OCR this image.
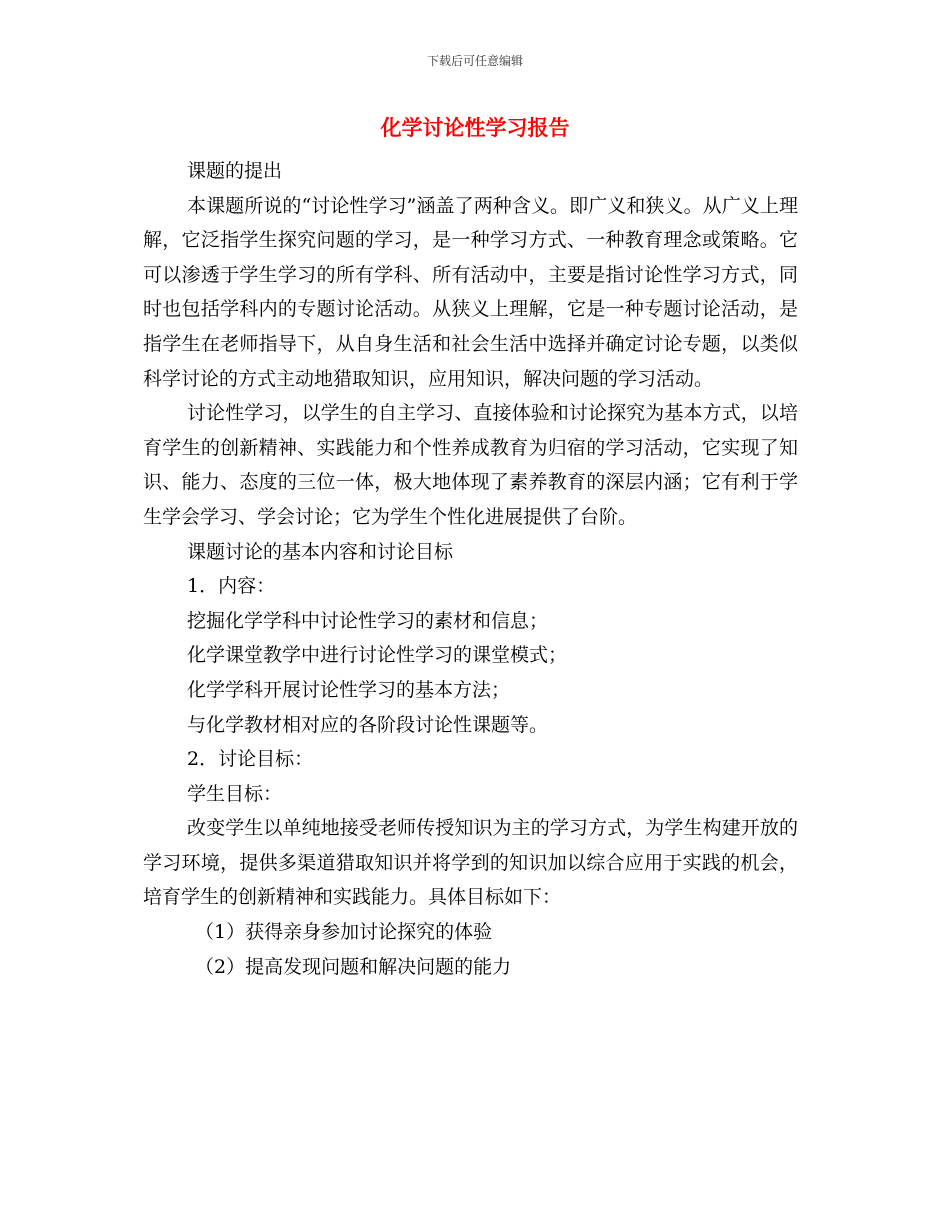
下载后可任意编辑
化学讨论性学习报告

课题的提出

本课题所说的“讨论性学习”涵盖了两种含义。即广义和狭义。从广义上理解，它泛指学生探究问题的学习，是一种学习方式、一种教育理念或策略。它可以渗透于学生学习的所有学科、所有活动中，主要是指讨论性学习方式，同时也包括学科内的专题讨论活动。从狭义上理解，它是一种专题讨论活动，是指学生在老师指导下，从自身生活和社会生活中选择并确定讨论专题，以类似科学讨论的方式主动地猎取知识，应用知识，解决问题的学习活动。

讨论性学习，以学生的自主学习、直接体验和讨论探究为基本方式，以培育学生的创新精神、实践能力和个性养成教育为归宿的学习活动，它实现了知识、能力、态度的三位一体，极大地体现了素养教育的深层内涵；它有利于学生学会学习、学会讨论；它为学生个性化进展提供了台阶。

课题讨论的基本内容和讨论目标

1．内容：

挖掘化学学科中讨论性学习的素材和信息；

化学课堂教学中进行讨论性学习的课堂模式；

化学学科开展讨论性学习的基本方法；

与化学教材相对应的各阶段讨论性课题等。

2．讨论目标：

学生目标：

改变学生以单纯地接受老师传授知识为主的学习方式，为学生构建开放的学习环境，提供多渠道猎取知识并将学到的知识加以综合应用于实践的机会，培育学生的创新精神和实践能力。具体目标如下：

（1）获得亲身参加讨论探究的体验

（2）提高发现问题和解决问题的能力
